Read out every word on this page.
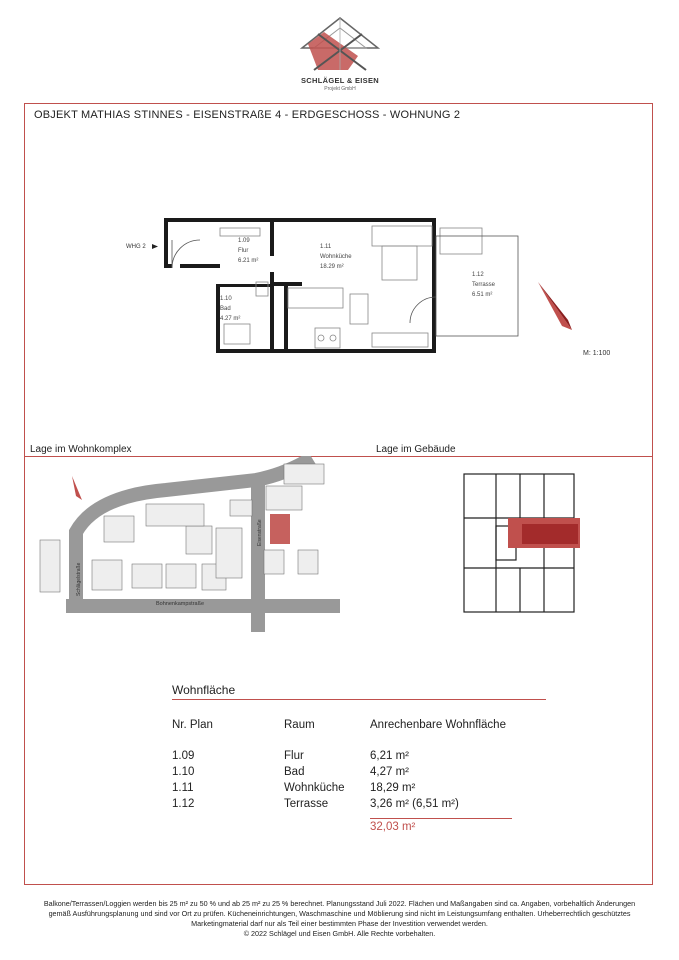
SCHLÄGEL & EISEN
Projekt GmbH
OBJEKT MATHIAS STINNES - EISENSTRAßE 4 - ERDGESCHOSS - WOHNUNG 2
WHG 2
1.09
Flur
6.21 m²
1.10
Bad
4.27 m²
1.11
Wohnküche
18.29 m²
1.12
Terrasse
6.51 m²
M: 1:100
Lage im Wohnkomplex	Lage im Gebäude
Bohnenkampstraße
Schlägelstraße
Eisenstraße
Wohnfläche
Nr. Plan	Raum	Anrechenbare Wohnfläche
1.09	Flur	6,21 m²
1.10	Bad	4,27 m²
1.11	Wohnküche 18,29 m²
1.12	Terrasse	3,26 m² (6,51 m²)
32,03 m²
Balkone/Terrassen/Loggien werden bis 25 m² zu 50 % und ab 25 m² zu 25 % berechnet. Planungsstand Juli 2022. Flächen und Maßangaben sind ca. Angaben, vorbehaltlich Änderungen
gemäß Ausführungsplanung und sind vor Ort zu prüfen. Kücheneinrichtungen, Waschmaschine und Möblierung sind nicht im Leistungsumfang enthalten. Urheberrechtlich geschütztes
Marketingmaterial darf nur als Teil einer bestimmten Phase der Investition verwendet werden.
© 2022 Schlägel und Eisen GmbH. Alle Rechte vorbehalten.
